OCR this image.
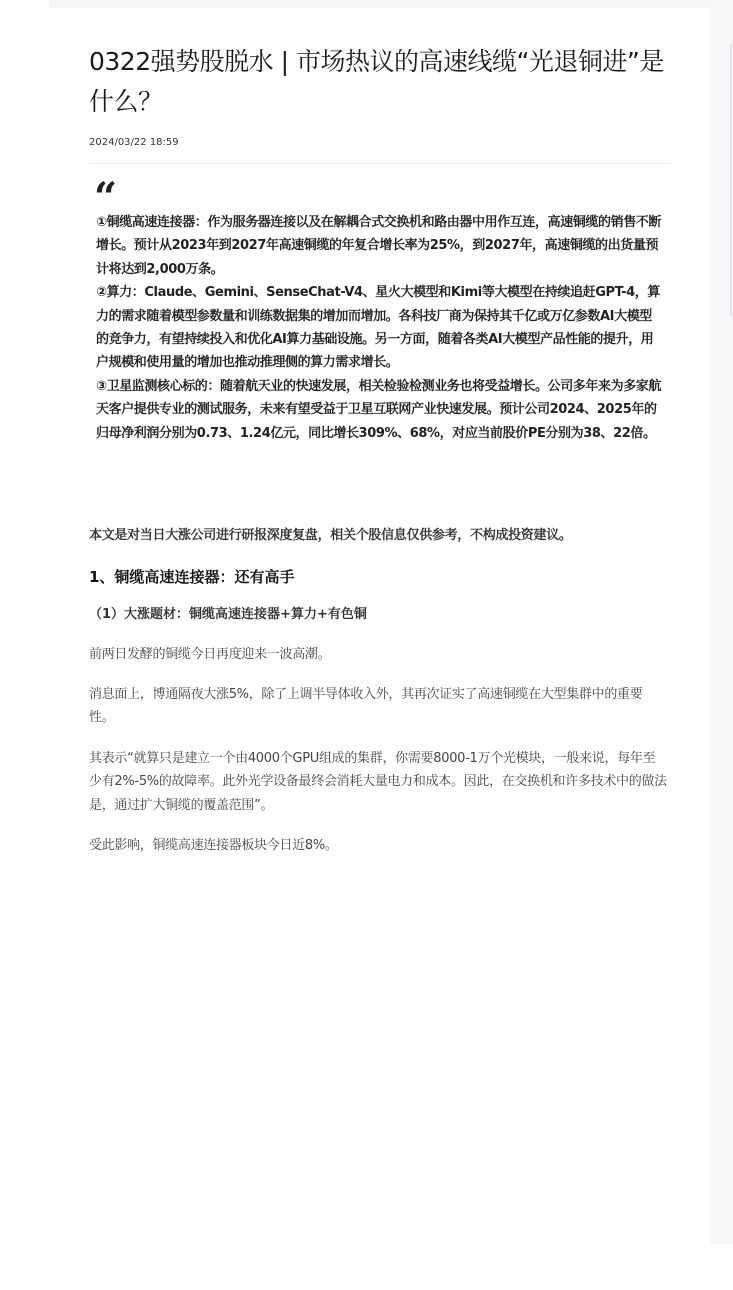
0322强势股脱水 | 市场热议的高速线缆“光退铜进”是什么？
2024/03/22 18:59
“

①铜缆高速连接器：作为服务器连接以及在解耦合式交换机和路由器中用作互连，高速铜缆的销售不断增长。预计从2023年到2027年高速铜缆的年复合增长率为25%，到2027年，高速铜缆的出货量预计将达到2,000万条。

②算力：Claude、Gemini、SenseChat-V4、星火大模型和Kimi等大模型在持续追赶GPT-4，算力的需求随着模型参数量和训练数据集的增加而增加。各科技厂商为保持其千亿或万亿参数AI大模型的竞争力，有望持续投入和优化AI算力基础设施。另一方面，随着各类AI大模型产品性能的提升，用户规模和使用量的增加也推动推理侧的算力需求增长。

③卫星监测核心标的：随着航天业的快速发展，相关检验检测业务也将受益增长。公司多年来为多家航天客户提供专业的测试服务，未来有望受益于卫星互联网产业快速发展。预计公司2024、2025年的归母净利润分别为0.73、1.24亿元，同比增长309%、68%，对应当前股价PE分别为38、22倍。

本文是对当日大涨公司进行研报深度复盘，相关个股信息仅供参考，不构成投资建议。

1、铜缆高速连接器：还有高手
（1）大涨题材：铜缆高速连接器+算力+有色铜

前两日发酵的铜缆今日再度迎来一波高潮。

消息面上，博通隔夜大涨5%，除了上调半导体收入外，其再次证实了高速铜缆在大型集群中的重要性。

其表示“就算只是建立一个由4000个GPU组成的集群，你需要8000-1万个光模块，一般来说，每年至少有2%-5%的故障率。此外光学设备最终会消耗大量电力和成本。因此，在交换机和许多技术中的做法是，通过扩大铜缆的覆盖范围”。

受此影响，铜缆高速连接器板块今日近8%。
